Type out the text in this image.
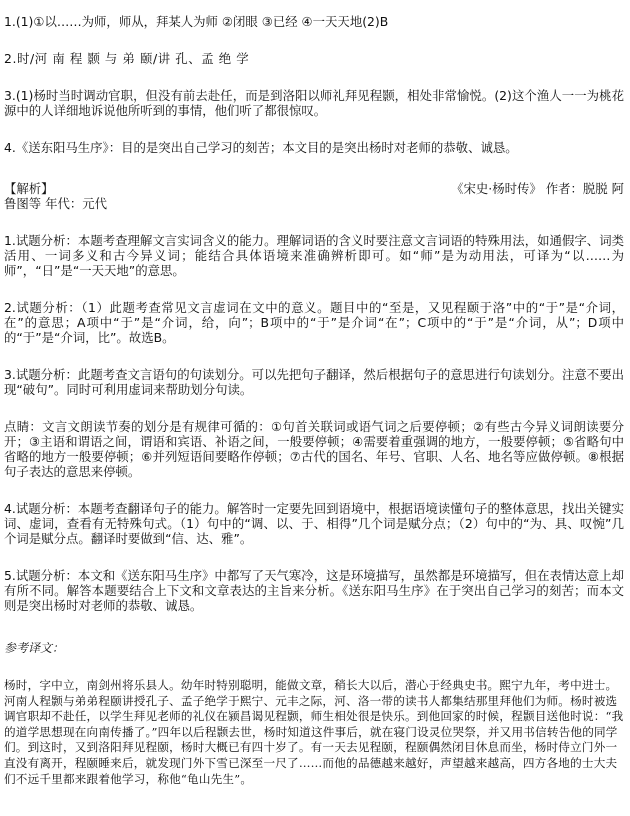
1.(1)①以……为师，师从，拜某人为师 ②闭眼 ③已经 ④一天天地(2)B

2.时/河 南 程 颢 与 弟 颐/讲 孔、孟 绝 学

3.(1)杨时当时调动官职，但没有前去赴任，而是到洛阳以师礼拜见程颢，相处非常愉悦。(2)这个渔人一一为桃花源中的人详细地诉说他所听到的事情，他们听了都很惊叹。

4.《送东阳马生序》：目的是突出自己学习的刻苦；本文目的是突出杨时对老师的恭敬、诚恳。

【解析】	《宋史·杨时传》 作者：脱脱 阿

鲁图等 年代：元代

1.试题分析：本题考查理解文言实词含义的能力。理解词语的含义时要注意文言词语的特殊用法，如通假字、词类活用、一词多义和古今异义词；能结合具体语境来准确辨析即可。如“师”是为动用法，可译为“以……为师”，“日”是“一天天地”的意思。

2.试题分析：（1）此题考查常见文言虚词在文中的意义。题目中的“至是，又见程颐于洛”中的“于”是“介词，在”的意思；A项中“于”是“介词，给，向”；B项中的“于”是介词“在”；C项中的“于”是“介词，从”；D项中的“于”是“介词，比”。故选B。

3.试题分析：此题考查文言语句的句读划分。可以先把句子翻译，然后根据句子的意思进行句读划分。注意不要出现“破句”。同时可利用虚词来帮助划分句读。

点睛：文言文朗读节奏的划分是有规律可循的：①句首关联词或语气词之后要停顿；②有些古今异义词朗读要分开；③主语和谓语之间，谓语和宾语、补语之间，一般要停顿；④需要着重强调的地方，一般要停顿；⑤省略句中省略的地方一般要停顿；⑥并列短语间要略作停顿；⑦古代的国名、年号、官职、人名、地名等应做停顿。⑧根据句子表达的意思来停顿。

4.试题分析：本题考查翻译句子的能力。解答时一定要先回到语境中，根据语境读懂句子的整体意思，找出关键实词、虚词，查看有无特殊句式。（1）句中的“调、以、于、相得”几个词是赋分点；（2）句中的“为、具、叹惋”几个词是赋分点。翻译时要做到“信、达、雅”。

5.试题分析：本文和《送东阳马生序》中都写了天气寒冷，这是环境描写，虽然都是环境描写，但在表情达意上却有所不同。解答本题要结合上下文和文章表达的主旨来分析。《送东阳马生序》在于突出自己学习的刻苦；而本文则是突出杨时对老师的恭敬、诚恳。

参考译文：

杨时，字中立，南剑州将乐县人。幼年时特别聪明，能做文章，稍长大以后，潜心于经典史书。熙宁九年，考中进士。河南人程颢与弟弟程颐讲授孔子、孟子绝学于熙宁、元丰之际，河、洛一带的读书人都集结那里拜他们为师。杨时被选调官职却不赴任，以学生拜见老师的礼仪在颍昌谒见程颢，师生相处很是快乐。到他回家的时候，程颢目送他时说：“我的道学思想现在向南传播了。”四年以后程颢去世，杨时知道这件事后，就在寝门设灵位哭祭，并又用书信转告他的同学们。到这时，又到洛阳拜见程颐，杨时大概已有四十岁了。有一天去见程颐，程颐偶然闭目休息而坐，杨时侍立门外一直没有离开，程颐睡来后，就发现门外下雪已深至一尺了……而他的品德越来越好，声望越来越高，四方各地的士大夫们不远千里都来跟着他学习，称他“龟山先生”。
